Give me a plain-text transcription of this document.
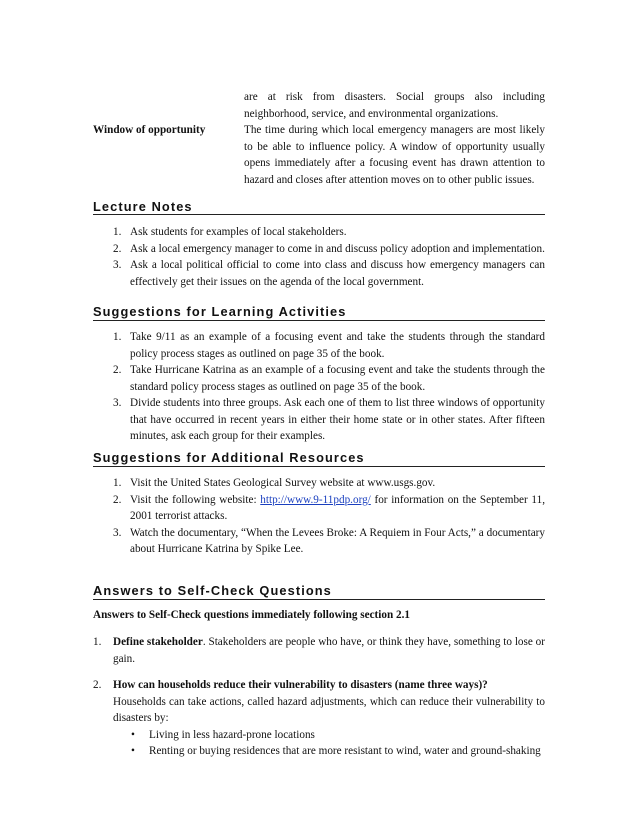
are at risk from disasters. Social groups also including
neighborhood, service, and environmental organizations.
Window of opportunity	The time during which local emergency managers are most likely to be able to influence policy. A window of opportunity usually opens immediately after a focusing event has drawn attention to hazard and closes after attention moves on to other public issues.
Lecture Notes
1. Ask students for examples of local stakeholders.
2. Ask a local emergency manager to come in and discuss policy adoption and implementation.
3. Ask a local political official to come into class and discuss how emergency managers can effectively get their issues on the agenda of the local government.
Suggestions for Learning Activities
1. Take 9/11 as an example of a focusing event and take the students through the standard policy process stages as outlined on page 35 of the book.
2. Take Hurricane Katrina as an example of a focusing event and take the students through the standard policy process stages as outlined on page 35 of the book.
3. Divide students into three groups. Ask each one of them to list three windows of opportunity that have occurred in recent years in either their home state or in other states. After fifteen minutes, ask each group for their examples.
Suggestions for Additional Resources
1. Visit the United States Geological Survey website at www.usgs.gov.
2. Visit the following website: http://www.9-11pdp.org/ for information on the September 11, 2001 terrorist attacks.
3. Watch the documentary, “When the Levees Broke: A Requiem in Four Acts,” a documentary about Hurricane Katrina by Spike Lee.
Answers to Self-Check Questions
Answers to Self-Check questions immediately following section 2.1
1. Define stakeholder. Stakeholders are people who have, or think they have, something to lose or gain.
2. How can households reduce their vulnerability to disasters (name three ways)?
Households can take actions, called hazard adjustments, which can reduce their vulnerability to disasters by:
• Living in less hazard-prone locations
• Renting or buying residences that are more resistant to wind, water and ground-shaking
